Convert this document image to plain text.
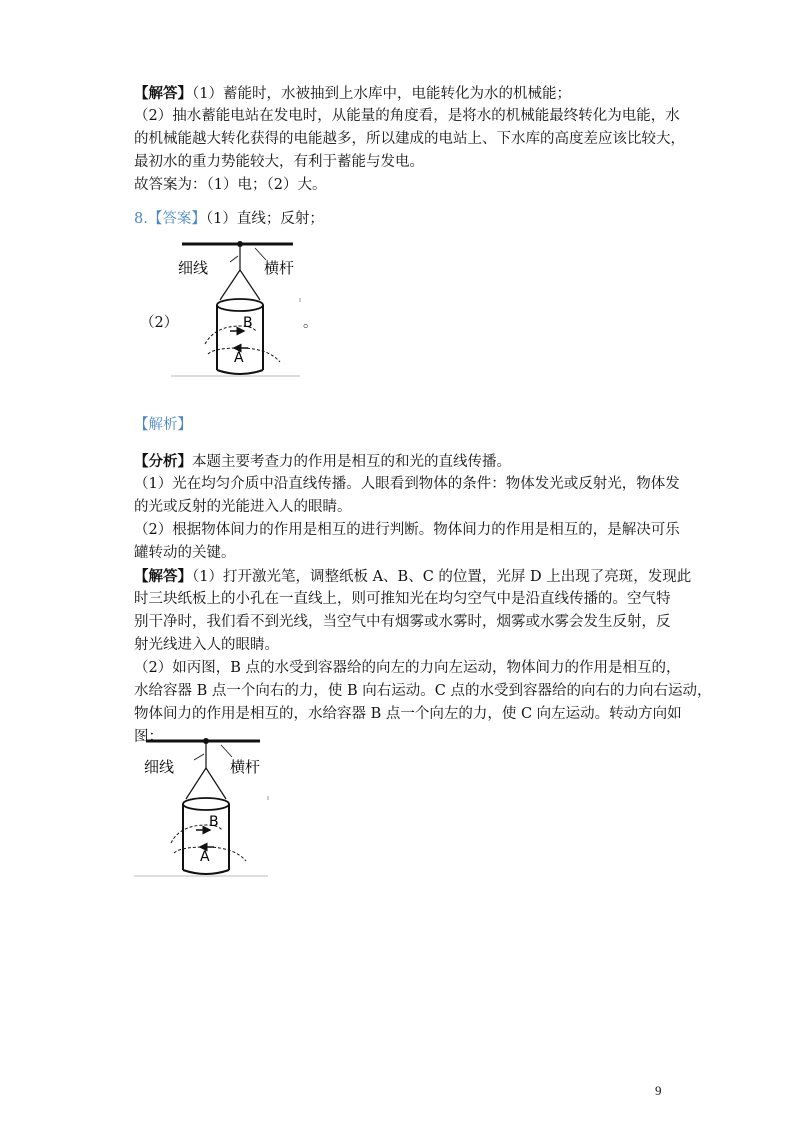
【解答】（1）蓄能时，水被抽到上水库中，电能转化为水的机械能；
（2）抽水蓄能电站在发电时，从能量的角度看，是将水的机械能最终转化为电能，水
的机械能越大转化获得的电能越多，所以建成的电站上、下水库的高度差应该比较大，
最初水的重力势能较大，有利于蓄能与发电。
故答案为：（1）电；（2）大。
8.【答案】（1）直线；反射；
（2）	。
细线	横杆
B
A
【解析】
【分析】本题主要考查力的作用是相互的和光的直线传播。
（1）光在均匀介质中沿直线传播。人眼看到物体的条件：物体发光或反射光，物体发
的光或反射的光能进入人的眼睛。
（2）根据物体间力的作用是相互的进行判断。物体间力的作用是相互的，是解决可乐
罐转动的关键。
【解答】（1）打开激光笔，调整纸板 A、B、C 的位置，光屏 D 上出现了亮斑，发现此
时三块纸板上的小孔在一直线上，则可推知光在均匀空气中是沿直线传播的。空气特
别干净时，我们看不到光线，当空气中有烟雾或水雾时，烟雾或水雾会发生反射，反
射光线进入人的眼睛。
（2）如丙图，B 点的水受到容器给的向左的力向左运动，物体间力的作用是相互的，
水给容器 B 点一个向右的力，使 B 向右运动。C 点的水受到容器给的向右的力向右运动，
物体间力的作用是相互的，水给容器 B 点一个向左的力，使 C 向左运动。转动方向如
图：
细线	横杆
B
A
9
